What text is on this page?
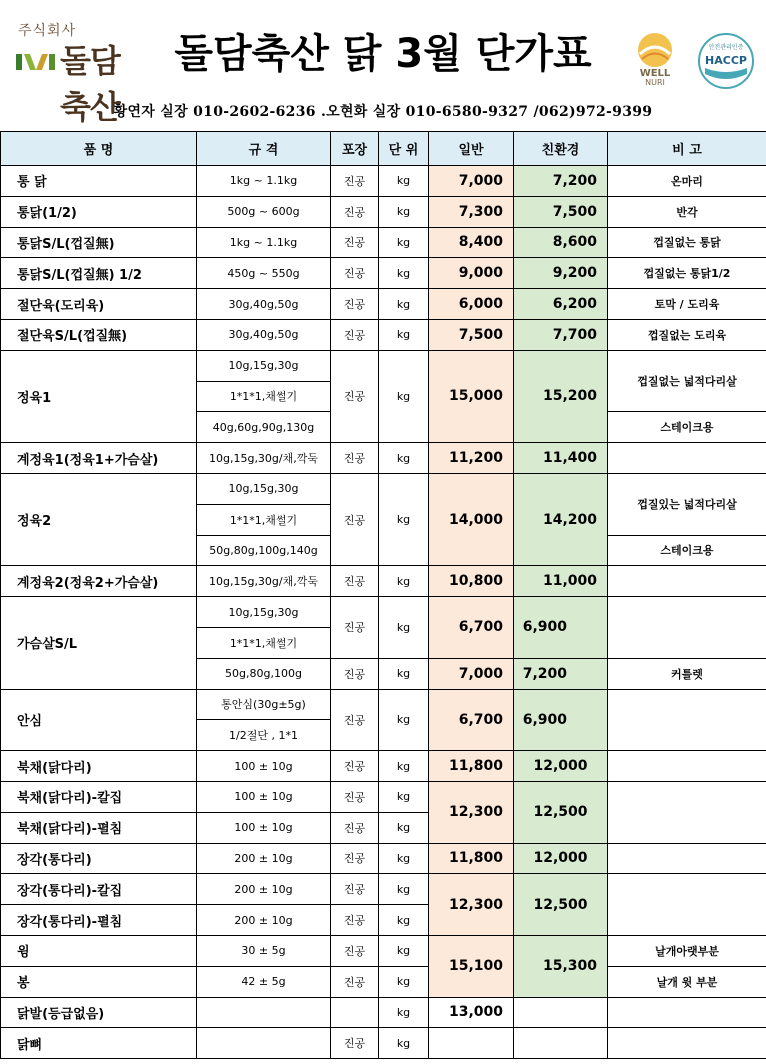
주식회사
돌담축산
돌담축산 닭 3월 단가표	WELL
NURI
안전관리인증
HACCP
황연자 실장 010-2602-6236 .오현화 실장 010-6580-9327 /062)972-9399
품 명	규 격	포장	단 위	일반	친환경	비 고
통 닭	1kg ~ 1.1kg	진공	kg	7,000	7,200	온마리
통닭(1/2)	500g ~ 600g	진공	kg	7,300	7,500	반각
통닭S/L(껍질無)	1kg ~ 1.1kg	진공	kg	8,400	8,600	껍질없는 통닭
통닭S/L(껍질無) 1/2	450g ~ 550g	진공	kg	9,000	9,200	껍질없는 통닭1/2
절단육(도리육)	30g,40g,50g	진공	kg	6,000	6,200	토막 / 도리육
절단육S/L(껍질無)	30g,40g,50g	진공	kg	7,500	7,700	껍질없는 도리육
정육1	10g,15g,30g	진공	kg	15,000	15,200	껍질없는 넓적다리살
	1*1*1,채썰기					
	40g,60g,90g,130g					스테이크용
계정육1(정육1+가슴살)	10g,15g,30g/채,깍둑	진공	kg	11,200	11,400	
정육2	10g,15g,30g	진공	kg	14,000	14,200	껍질있는 넓적다리살
	1*1*1,채썰기					
	50g,80g,100g,140g					스테이크용
계정육2(정육2+가슴살)	10g,15g,30g/채,깍둑	진공	kg	10,800	11,000	
가슴살S/L	10g,15g,30g	진공	kg	6,700	6,900	
	1*1*1,채썰기					
	50g,80g,100g	진공	kg	7,000	7,200	커틀렛
안심	통안심(30g±5g)	진공	kg	6,700	6,900	
	1/2절단 , 1*1					
북채(닭다리)	100 ± 10g	진공	kg	11,800	12,000	
북채(닭다리)-칼집	100 ± 10g	진공	kg	12,300	12,500	
북채(닭다리)-펼침	100 ± 10g	진공	kg			
장각(통다리)	200 ± 10g	진공	kg	11,800	12,000	
장각(통다리)-칼집	200 ± 10g	진공	kg	12,300	12,500	
장각(통다리)-펼침	200 ± 10g	진공	kg			
윙	30 ± 5g	진공	kg	15,100	15,300	날개아랫부분
봉	42 ± 5g	진공	kg			날개 윗 부분
닭발(등급없음)			kg	13,000		
닭뼈		진공	kg			
